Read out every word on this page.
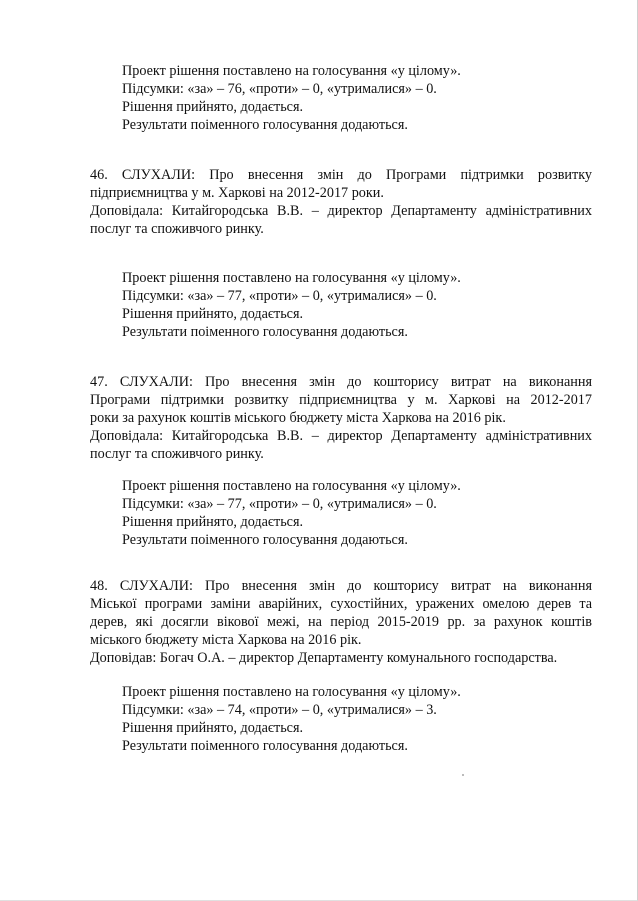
Проект рішення поставлено на голосування «у цілому».
Підсумки: «за» – 76, «проти» – 0, «утрималися» – 0.
Рішення прийнято, додається.
Результати поіменного голосування додаються.
46. СЛУХАЛИ: Про внесення змін до Програми підтримки розвитку
підприємництва у м. Харкові на 2012-2017 роки.
Доповідала: Китайгородська В.В. – директор Департаменту адміністративних
послуг та споживчого ринку.
Проект рішення поставлено на голосування «у цілому».
Підсумки: «за» – 77, «проти» – 0, «утрималися» – 0.
Рішення прийнято, додається.
Результати поіменного голосування додаються.
47. СЛУХАЛИ: Про внесення змін до кошторису витрат на виконання
Програми підтримки розвитку підприємництва у м. Харкові на 2012-2017
роки за рахунок коштів міського бюджету міста Харкова на 2016 рік.
Доповідала: Китайгородська В.В. – директор Департаменту адміністративних
послуг та споживчого ринку.
Проект рішення поставлено на голосування «у цілому».
Підсумки: «за» – 77, «проти» – 0, «утрималися» – 0.
Рішення прийнято, додається.
Результати поіменного голосування додаються.
48. СЛУХАЛИ: Про внесення змін до кошторису витрат на виконання
Міської програми заміни аварійних, сухостійних, уражених омелою дерев та
дерев, які досягли вікової межі, на період 2015-2019 рр. за рахунок коштів
міського бюджету міста Харкова на 2016 рік.
Доповідав: Богач О.А. – директор Департаменту комунального господарства.
Проект рішення поставлено на голосування «у цілому».
Підсумки: «за» – 74, «проти» – 0, «утрималися» – 3.
Рішення прийнято, додається.
Результати поіменного голосування додаються.
